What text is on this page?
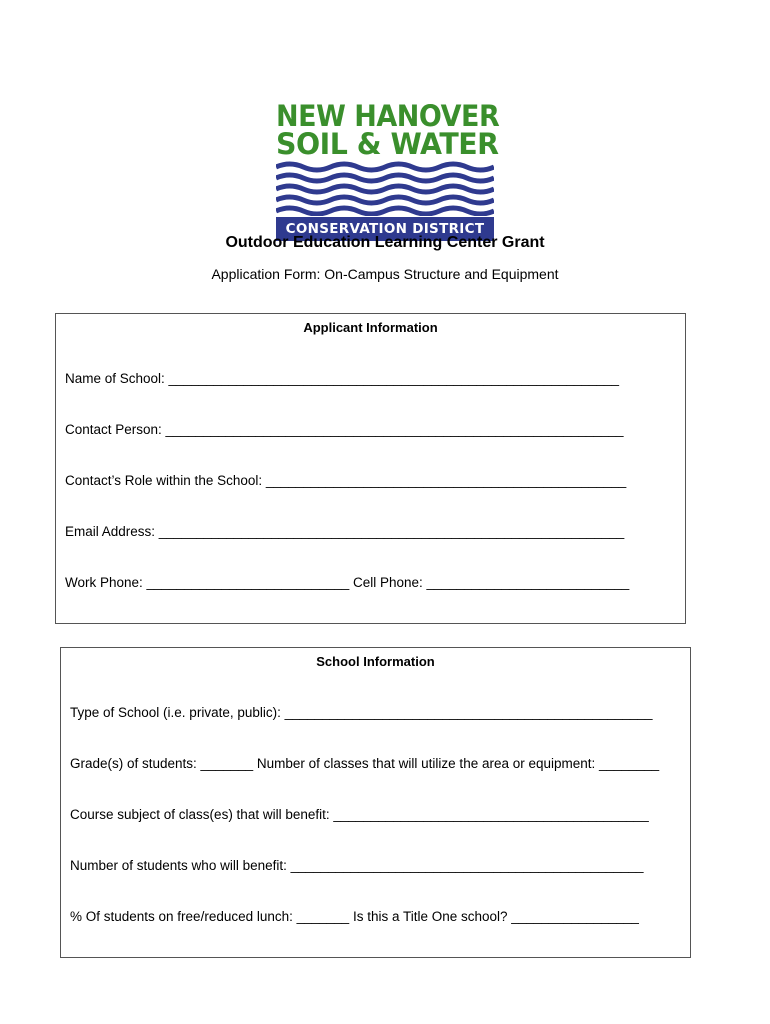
NEW HANOVER
SOIL & WATER
CONSERVATION DISTRICT
Outdoor Education Learning Center Grant
Application Form: On-Campus Structure and Equipment
Applicant Information
Name of School: ____________________________________________________________
Contact Person: _____________________________________________________________
Contact’s Role within the School: ________________________________________________
Email Address: ______________________________________________________________
Work Phone: ___________________________ Cell Phone: ___________________________
School Information
Type of School (i.e. private, public): _________________________________________________
Grade(s) of students: _______ Number of classes that will utilize the area or equipment: ________
Course subject of class(es) that will benefit: __________________________________________
Number of students who will benefit: _______________________________________________
% Of students on free/reduced lunch: _______ Is this a Title One school? _________________
